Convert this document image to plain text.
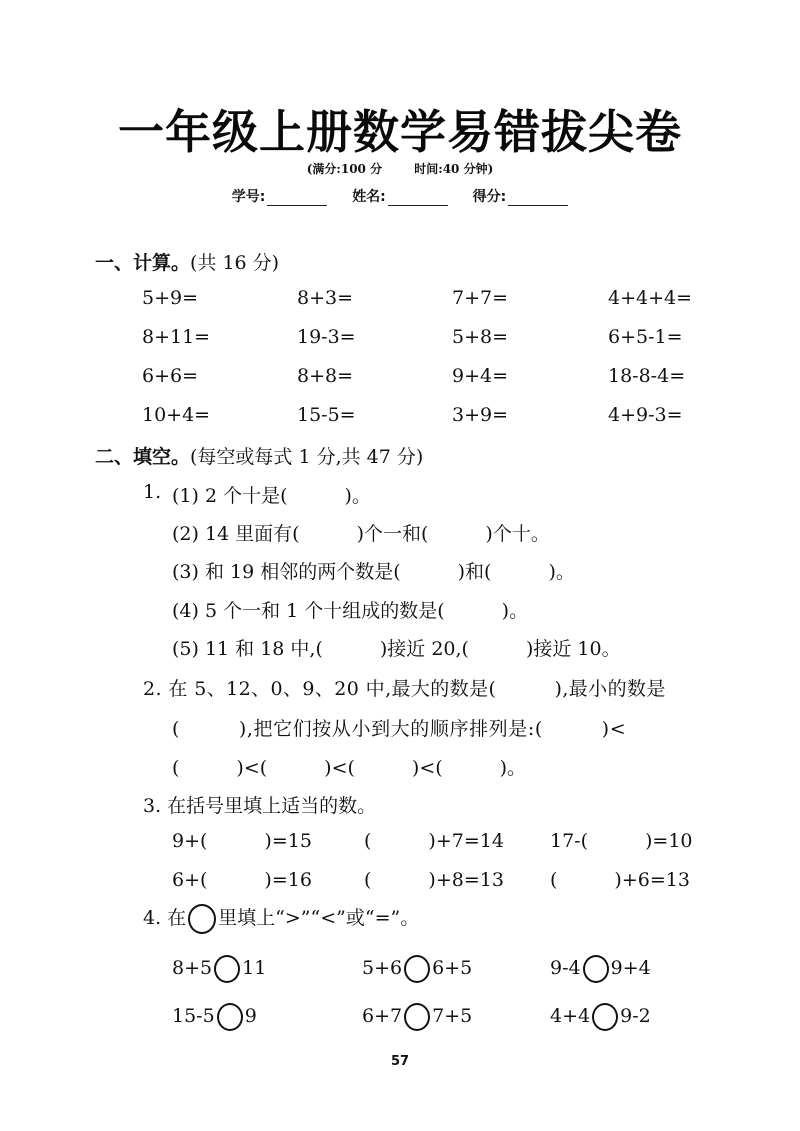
一年级上册数学易错拔尖卷
(满分:100 分	时间:40 分钟)
学号:	姓名:	得分:
一、计算。(共 16 分)
5+9=	8+3=	7+7=	4+4+4=
8+11=	19-3=	5+8=	6+5-1=
6+6=	8+8=	9+4=	18-8-4=
10+4=	15-5=	3+9=	4+9-3=
二、填空。(每空或每式 1 分,共 47 分)
1. (1) 2 个十是(　　　)。
(2) 14 里面有(　　　)个一和(　　　)个十。
(3) 和 19 相邻的两个数是(　　　)和(　　　)。
(4) 5 个一和 1 个十组成的数是(　　　)。
(5) 11 和 18 中,(　　　)接近 20,(　　　)接近 10。
2. 在 5、12、0、9、20 中,最大的数是(　　　),最小的数是
(　　　),把它们按从小到大的顺序排列是:(　　　)<
(　　　)<(　　　)<(　　　)<(　　　)。
3. 在括号里填上适当的数。
9+(　　　)=15	(　　　)+7=14 17-(　　　)=10
6+(　　　)=16	(　　　)+8=13 (　　　)+6=13
4. 在 里填上“>”“<”或“=”。
8+5 11	5+6 6+5	9-4 9+4
15-5 9	6+7 7+5	4+4 9-2
57
